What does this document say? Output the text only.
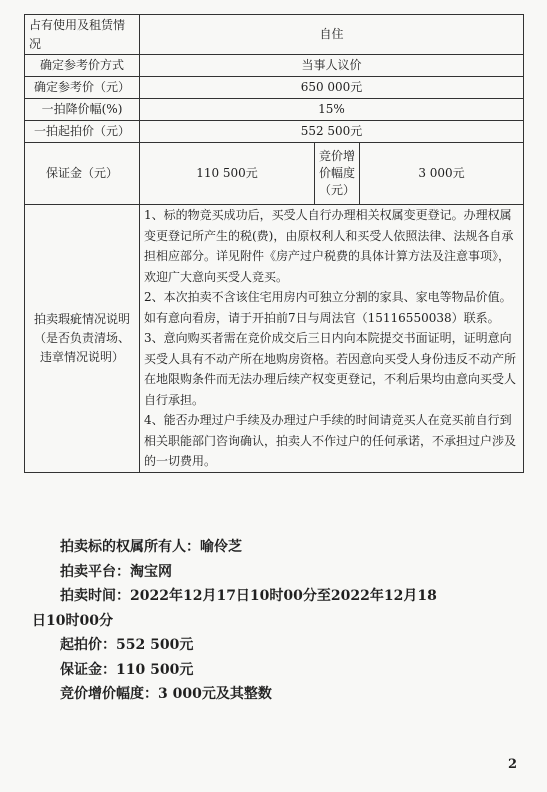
占有使用及租赁情况	自住		
确定参考价方式	当事人议价		
确定参考价（元）	650 000元		
一拍降价幅(%)	15%		
一拍起拍价（元）	552 500元		
保证金（元）	110 500元	竞价增价幅度（元）	3 000元

拍卖瑕疵情况说明
（是否负责清场、违章情况说明）	1、标的物竞买成功后，买受人自行办理相关权属变更登记。办理权属变更登记所产生的税(费)，由原权利人和买受人依照法律、法规各自承担相应部分。详见附件《房产过户税费的具体计算方法及注意事项》，欢迎广大意向买受人竞买。
2、本次拍卖不含该住宅用房内可独立分割的家具、家电等物品价值。如有意向看房，请于开拍前7日与周法官（15116550038）联系。
3、意向购买者需在竞价成交后三日内向本院提交书面证明，证明意向买受人具有不动产所在地购房资格。若因意向买受人身份违反不动产所在地限购条件而无法办理后续产权变更登记，不利后果均由意向买受人自行承担。
4、能否办理过户手续及办理过户手续的时间请竞买人在竞买前自行到相关职能部门咨询确认，拍卖人不作过户的任何承诺，不承担过户涉及的一切费用。		
拍卖标的权属所有人：喻伶芝
拍卖平台：淘宝网
拍卖时间：2022年12月17日10时00分至2022年12月18
日10时00分
起拍价：552 500元
保证金：110 500元
竞价增价幅度：3 000元及其整数
2
